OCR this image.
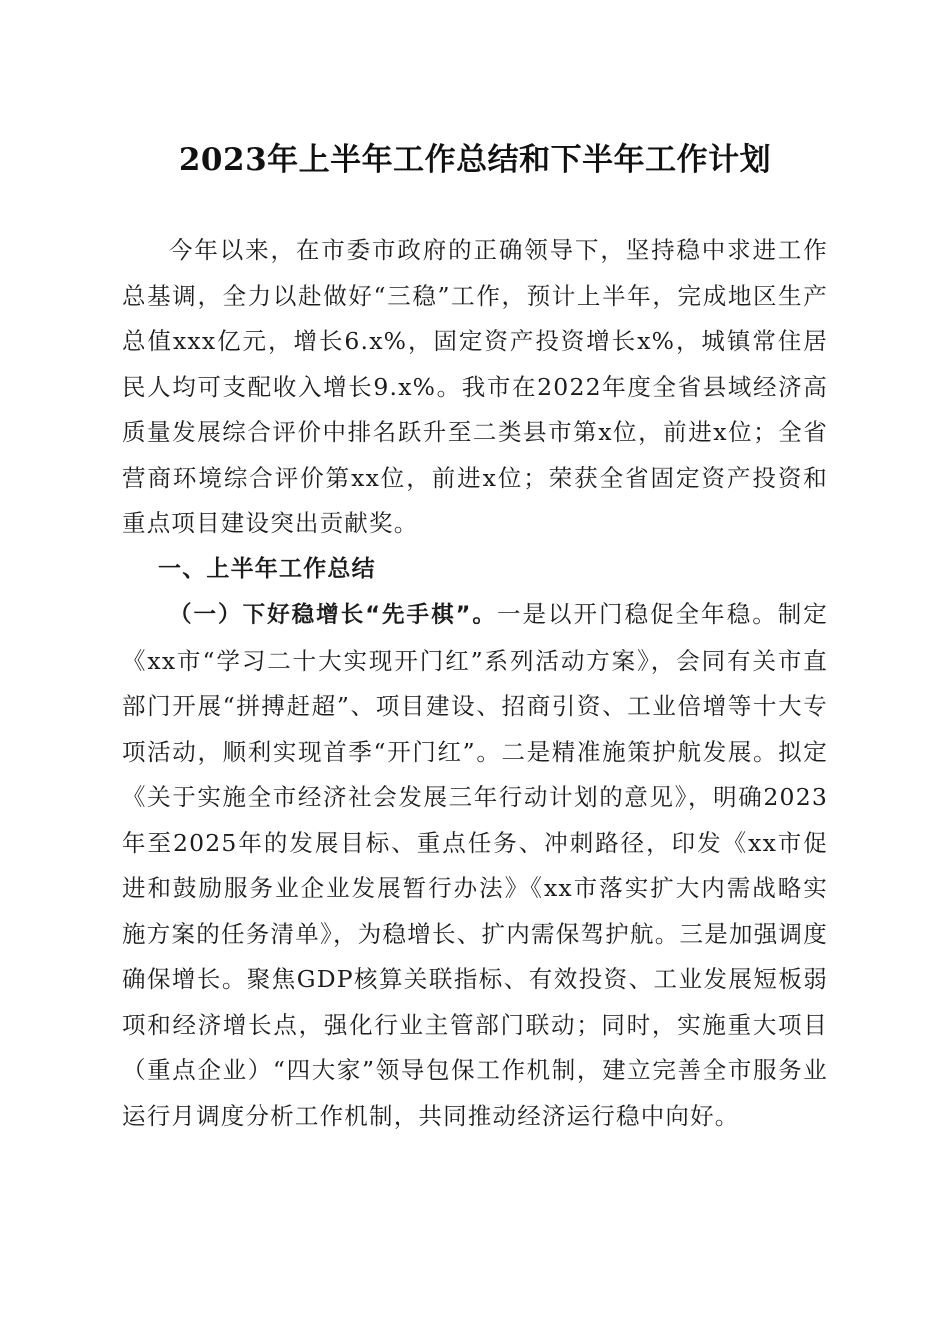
2023年上半年工作总结和下半年工作计划

今年以来，在市委市政府的正确领导下，坚持稳中求进工作总基调，全力以赴做好“三稳”工作，预计上半年，完成地区生产总值xxx亿元，增长6.x%，固定资产投资增长x%，城镇常住居民人均可支配收入增长9.x%。我市在2022年度全省县域经济高质量发展综合评价中排名跃升至二类县市第x位，前进x位；全省营商环境综合评价第xx位，前进x位；荣获全省固定资产投资和重点项目建设突出贡献奖。

一、上半年工作总结

（一）下好稳增长“先手棋”。一是以开门稳促全年稳。制定《xx市“学习二十大实现开门红”系列活动方案》，会同有关市直部门开展“拼搏赶超”、项目建设、招商引资、工业倍增等十大专项活动，顺利实现首季“开门红”。二是精准施策护航发展。拟定《关于实施全市经济社会发展三年行动计划的意见》，明确2023年至2025年的发展目标、重点任务、冲刺路径，印发《xx市促进和鼓励服务业企业发展暂行办法》《xx市落实扩大内需战略实施方案的任务清单》，为稳增长、扩内需保驾护航。三是加强调度确保增长。聚焦GDP核算关联指标、有效投资、工业发展短板弱项和经济增长点，强化行业主管部门联动；同时，实施重大项目（重点企业）“四大家”领导包保工作机制，建立完善全市服务业运行月调度分析工作机制，共同推动经济运行稳中向好。
